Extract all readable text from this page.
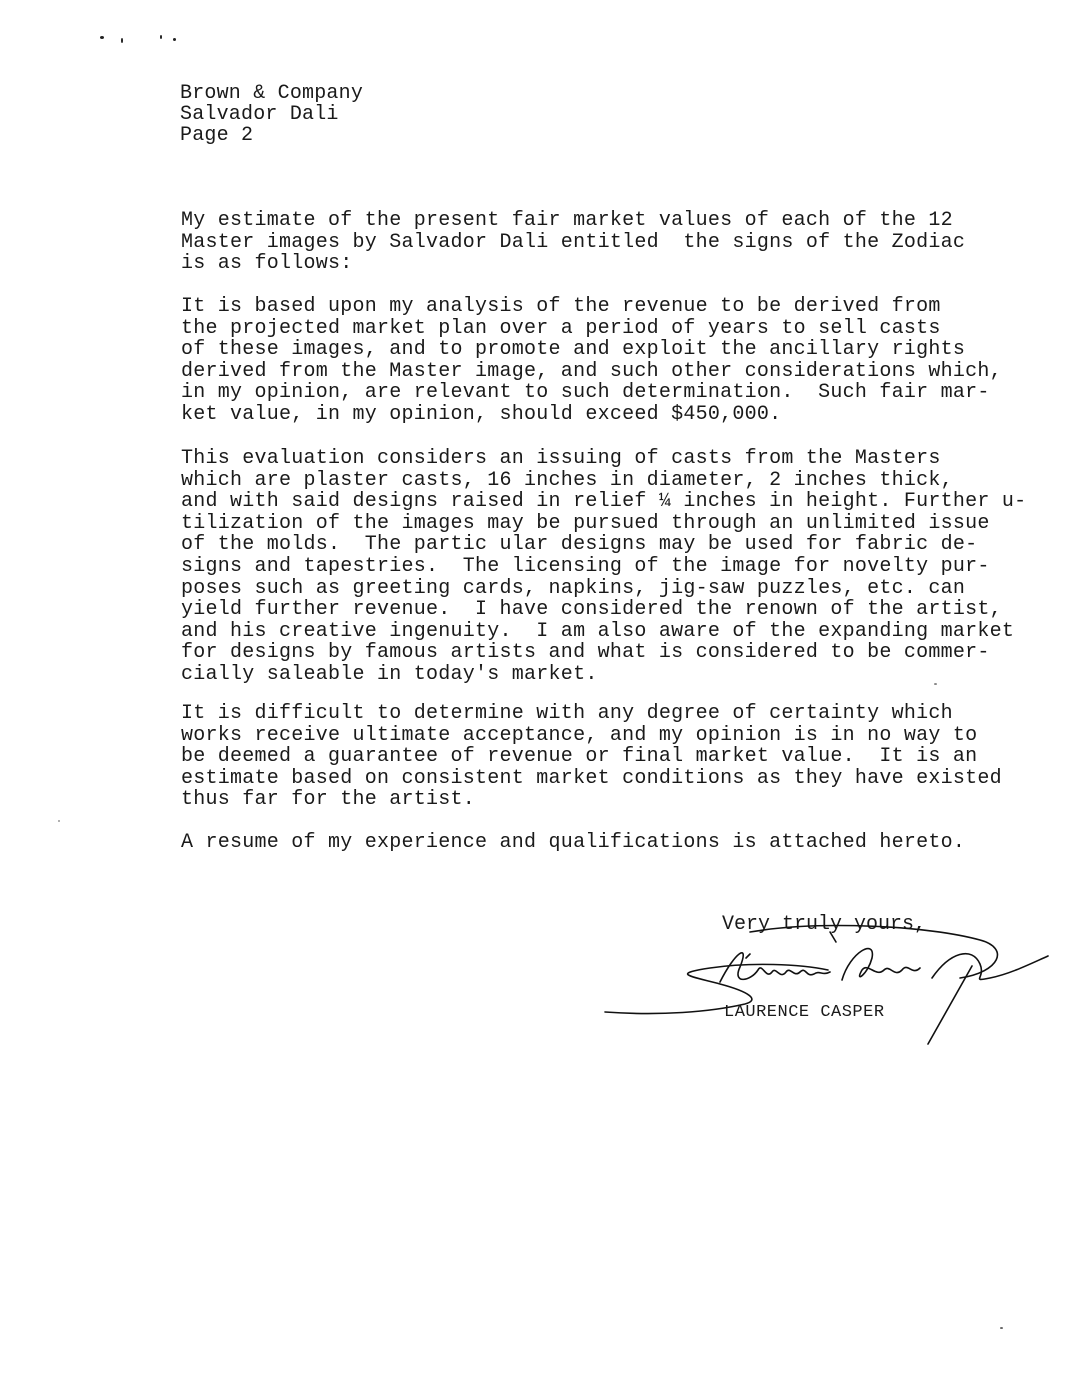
Brown & Company
Salvador Dali
Page 2
My estimate of the present fair market values of each of the 12
Master images by Salvador Dali entitled  the signs of the Zodiac
is as follows:
It is based upon my analysis of the revenue to be derived from
the projected market plan over a period of years to sell casts
of these images, and to promote and exploit the ancillary rights
derived from the Master image, and such other considerations which,
in my opinion, are relevant to such determination.  Such fair mar-
ket value, in my opinion, should exceed $450,000.
This evaluation considers an issuing of casts from the Masters
which are plaster casts, 16 inches in diameter, 2 inches thick,
and with said designs raised in relief ¼ inches in height. Further u-
tilization of the images may be pursued through an unlimited issue
of the molds.  The partic ular designs may be used for fabric de-
signs and tapestries.  The licensing of the image for novelty pur-
poses such as greeting cards, napkins, jig-saw puzzles, etc. can
yield further revenue.  I have considered the renown of the artist,
and his creative ingenuity.  I am also aware of the expanding market
for designs by famous artists and what is considered to be commer-
cially saleable in today's market.
It is difficult to determine with any degree of certainty which
works receive ultimate acceptance, and my opinion is in no way to
be deemed a guarantee of revenue or final market value.  It is an
estimate based on consistent market conditions as they have existed
thus far for the artist.
A resume of my experience and qualifications is attached hereto.
Very truly yours,
LAURENCE CASPER
